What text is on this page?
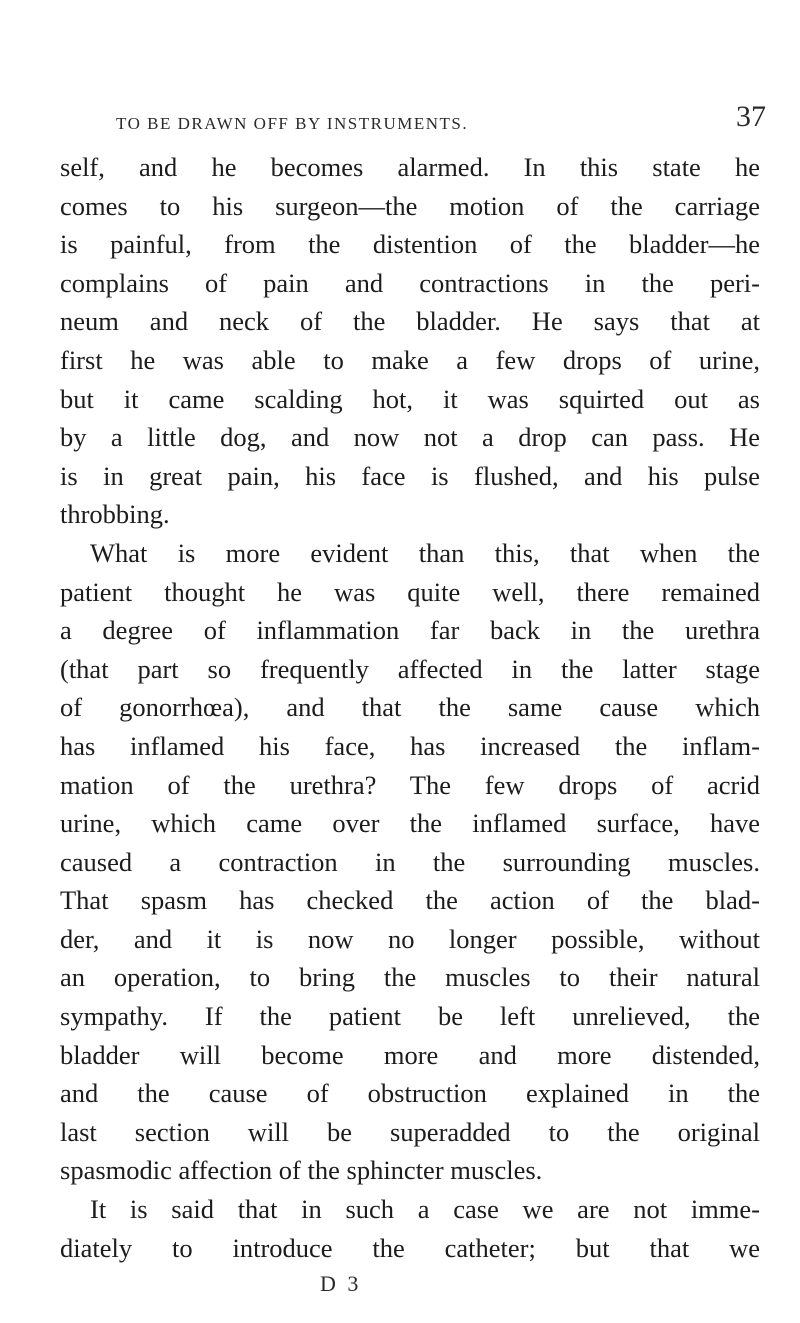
TO BE DRAWN OFF BY INSTRUMENTS.	37
self, and he becomes alarmed. In this state he
comes to his surgeon—the motion of the carriage
is painful, from the distention of the bladder—he
complains of pain and contractions in the peri-
neum and neck of the bladder. He says that at
first he was able to make a few drops of urine,
but it came scalding hot, it was squirted out as
by a little dog, and now not a drop can pass. He
is in great pain, his face is flushed, and his pulse
throbbing.
What is more evident than this, that when the
patient thought he was quite well, there remained
a degree of inflammation far back in the urethra
(that part so frequently affected in the latter stage
of gonorrhœa), and that the same cause which
has inflamed his face, has increased the inflam-
mation of the urethra? The few drops of acrid
urine, which came over the inflamed surface, have
caused a contraction in the surrounding muscles.
That spasm has checked the action of the blad-
der, and it is now no longer possible, without
an operation, to bring the muscles to their natural
sympathy. If the patient be left unrelieved, the
bladder will become more and more distended,
and the cause of obstruction explained in the
last section will be superadded to the original
spasmodic affection of the sphincter muscles.
It is said that in such a case we are not imme-
diately to introduce the catheter; but that we
D 3
